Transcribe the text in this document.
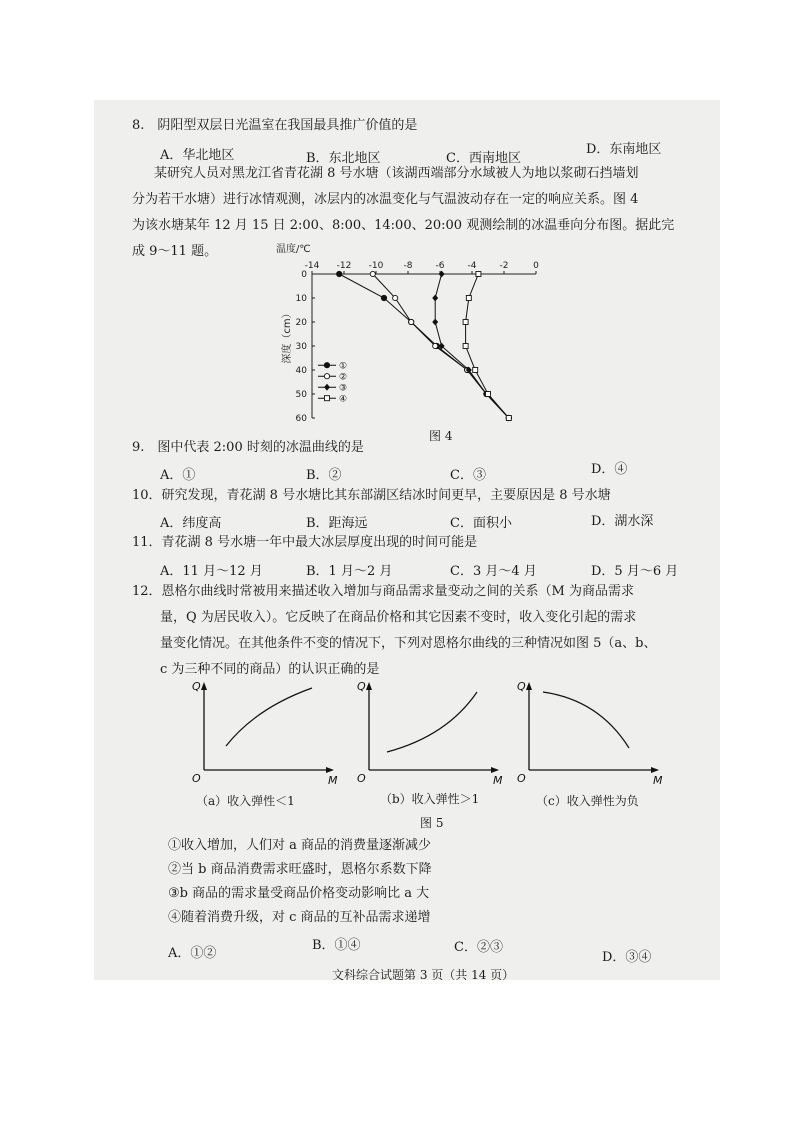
8.　阴阳型双层日光温室在我国最具推广价值的是
A．华北地区	B．东北地区	C．西南地区
D．东南地区
某研究人员对黑龙江省青花湖 8 号水塘（该湖西端部分水域被人为地以浆砌石挡墙划
分为若干水塘）进行冰情观测，冰层内的冰温变化与气温波动存在一定的响应关系。图 4
为该水塘某年 12 月 15 日 2:00、8:00、14:00、20:00 观测绘制的冰温垂向分布图。据此完
成 9～11 题。
-14 -12 -10 -8	-6	-4	-2	0
0
10
20
30
40
50
60
温度/℃
深度（cm）
①
②
③
④
图 4
9.　图中代表 2:00 时刻的冰温曲线的是
A．①	B．②	C．③	D．④
10．研究发现，青花湖 8 号水塘比其东部湖区结冰时间更早，主要原因是 8 号水塘
A．纬度高	B．距海远	C．面积小	D．湖水深
11．青花湖 8 号水塘一年中最大冰层厚度出现的时间可能是
A．11 月～12 月	B．1 月～2 月	C．3 月～4 月	D．5 月～6 月
12．恩格尔曲线时常被用来描述收入增加与商品需求量变动之间的关系（M 为商品需求
量，Q 为居民收入）。它反映了在商品价格和其它因素不变时，收入变化引起的需求
量变化情况。在其他条件不变的情况下，下列对恩格尔曲线的三种情况如图 5（a、b、
c 为三种不同的商品）的认识正确的是
Q
M
O
Q
M
O
Q
M
O
（a）收入弹性＜1	（b）收入弹性＞1	（c）收入弹性为负
图 5
①收入增加，人们对 a 商品的消费量逐渐减少
②当 b 商品消费需求旺盛时，恩格尔系数下降
③b 商品的需求量受商品价格变动影响比 a 大
④随着消费升级，对 c 商品的互补品需求递增
A．①②
B．①④	C．②③
D．③④
文科综合试题第 3 页（共 14 页）
